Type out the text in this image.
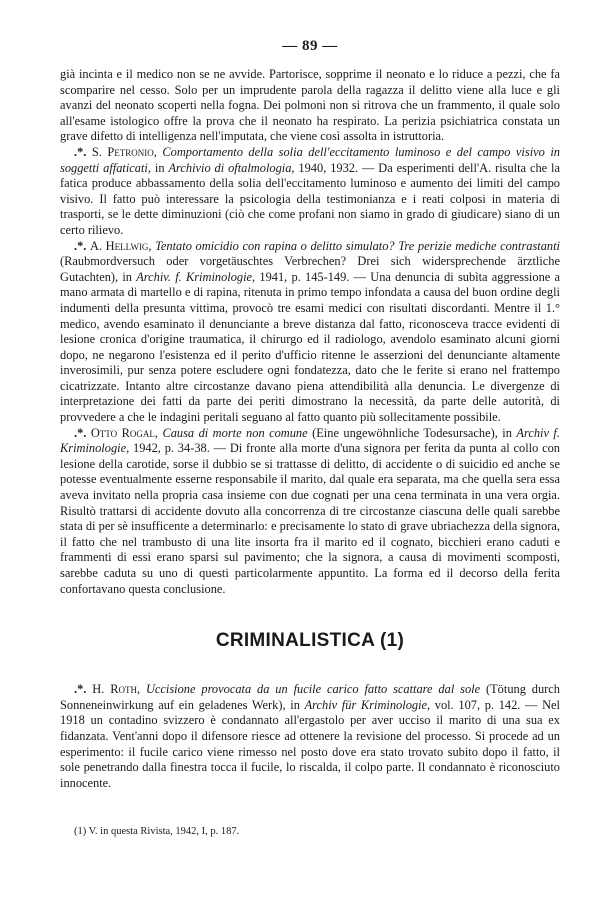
— 89 —

già incinta e il medico non se ne avvide. Partorisce, sopprime il neonato e lo riduce a pezzi, che fa scomparire nel cesso. Solo per un imprudente parola della ragazza il delitto viene alla luce e gli avanzi del neonato scoperti nella fogna. Dei polmoni non si ritrova che un frammento, il quale solo all'esame istologico offre la prova che il neonato ha respirato. La perizia psichiatrica constata un grave difetto di intelligenza nell'imputata, che viene così assolta in istruttoria.

.*. S. Petronio, Comportamento della solia dell'eccitamento luminoso e del campo visivo in soggetti affaticati, in Archivio di oftalmologia, 1940, 1932. — Da esperimenti dell'A. risulta che la fatica produce abbassamento della solia dell'eccitamento luminoso e aumento dei limiti del campo visivo. Il fatto può interessare la psicologia della testimonianza e i reati colposi in materia di trasporti, se le dette diminuzioni (ciò che come profani non siamo in grado di giudicare) siano di un certo rilievo.

.*. A. Hellwig, Tentato omicidio con rapina o delitto simulato? Tre perizie mediche contrastanti (Raubmordversuch oder vorgetäuschtes Verbrechen? Drei sich widersprechende ärztliche Gutachten), in Archiv. f. Kriminologie, 1941, p. 145-149. — Una denuncia di subìta aggressione a mano armata di martello e di rapina, ritenuta in primo tempo infondata a causa del buon ordine degli indumenti della presunta vittima, provocò tre esami medici con risultati discordanti. Mentre il 1.° medico, avendo esaminato il denunciante a breve distanza dal fatto, riconosceva tracce evidenti di lesione cronica d'origine traumatica, il chirurgo ed il radiologo, avendolo esaminato alcuni giorni dopo, ne negarono l'esistenza ed il perito d'ufficio ritenne le asserzioni del denunciante altamente inverosimili, pur senza potere escludere ogni fondatezza, dato che le ferite si erano nel frattempo cicatrizzate. Intanto altre circostanze davano piena attendibilità alla denuncia. Le divergenze di interpretazione dei fatti da parte dei periti dimostrano la necessità, da parte delle autorità, di provvedere a che le indagini peritali seguano al fatto quanto più sollecitamente possibile.

.*. Otto Rogal, Causa di morte non comune (Eine ungewöhnliche Todesursache), in Archiv f. Kriminologie, 1942, p. 34-38. — Di fronte alla morte d'una signora per ferita da punta al collo con lesione della carotide, sorse il dubbio se si trattasse di delitto, di accidente o di suicidio ed anche se potesse eventualmente esserne responsabile il marito, dal quale era separata, ma che quella sera essa aveva invitato nella propria casa insieme con due cognati per una cena terminata in una vera orgia. Risultò trattarsi di accidente dovuto alla concorrenza di tre circostanze ciascuna delle quali sarebbe stata di per sè insufficente a determinarlo: e precisamente lo stato di grave ubriachezza della signora, il fatto che nel trambusto di una lite insorta fra il marito ed il cognato, bicchieri erano caduti e frammenti di essi erano sparsi sul pavimento; che la signora, a causa di movimenti scomposti, sarebbe caduta su uno di questi particolarmente appuntito. La forma ed il decorso della ferita confortavano questa conclusione.

CRIMINALISTICA (1)

.*. H. Roth, Uccisione provocata da un fucile carico fatto scattare dal sole (Tötung durch Sonneneinwirkung auf ein geladenes Werk), in Archiv für Kriminologie, vol. 107, p. 142. — Nel 1918 un contadino svizzero è condannato all'ergastolo per aver ucciso il marito di una sua ex fidanzata. Vent'anni dopo il difensore riesce ad ottenere la revisione del processo. Si procede ad un esperimento: il fucile carico viene rimesso nel posto dove era stato trovato subito dopo il fatto, il sole penetrando dalla finestra tocca il fucile, lo riscalda, il colpo parte. Il condannato è riconosciuto innocente.

(1) V. in questa Rivista, 1942, I, p. 187.
